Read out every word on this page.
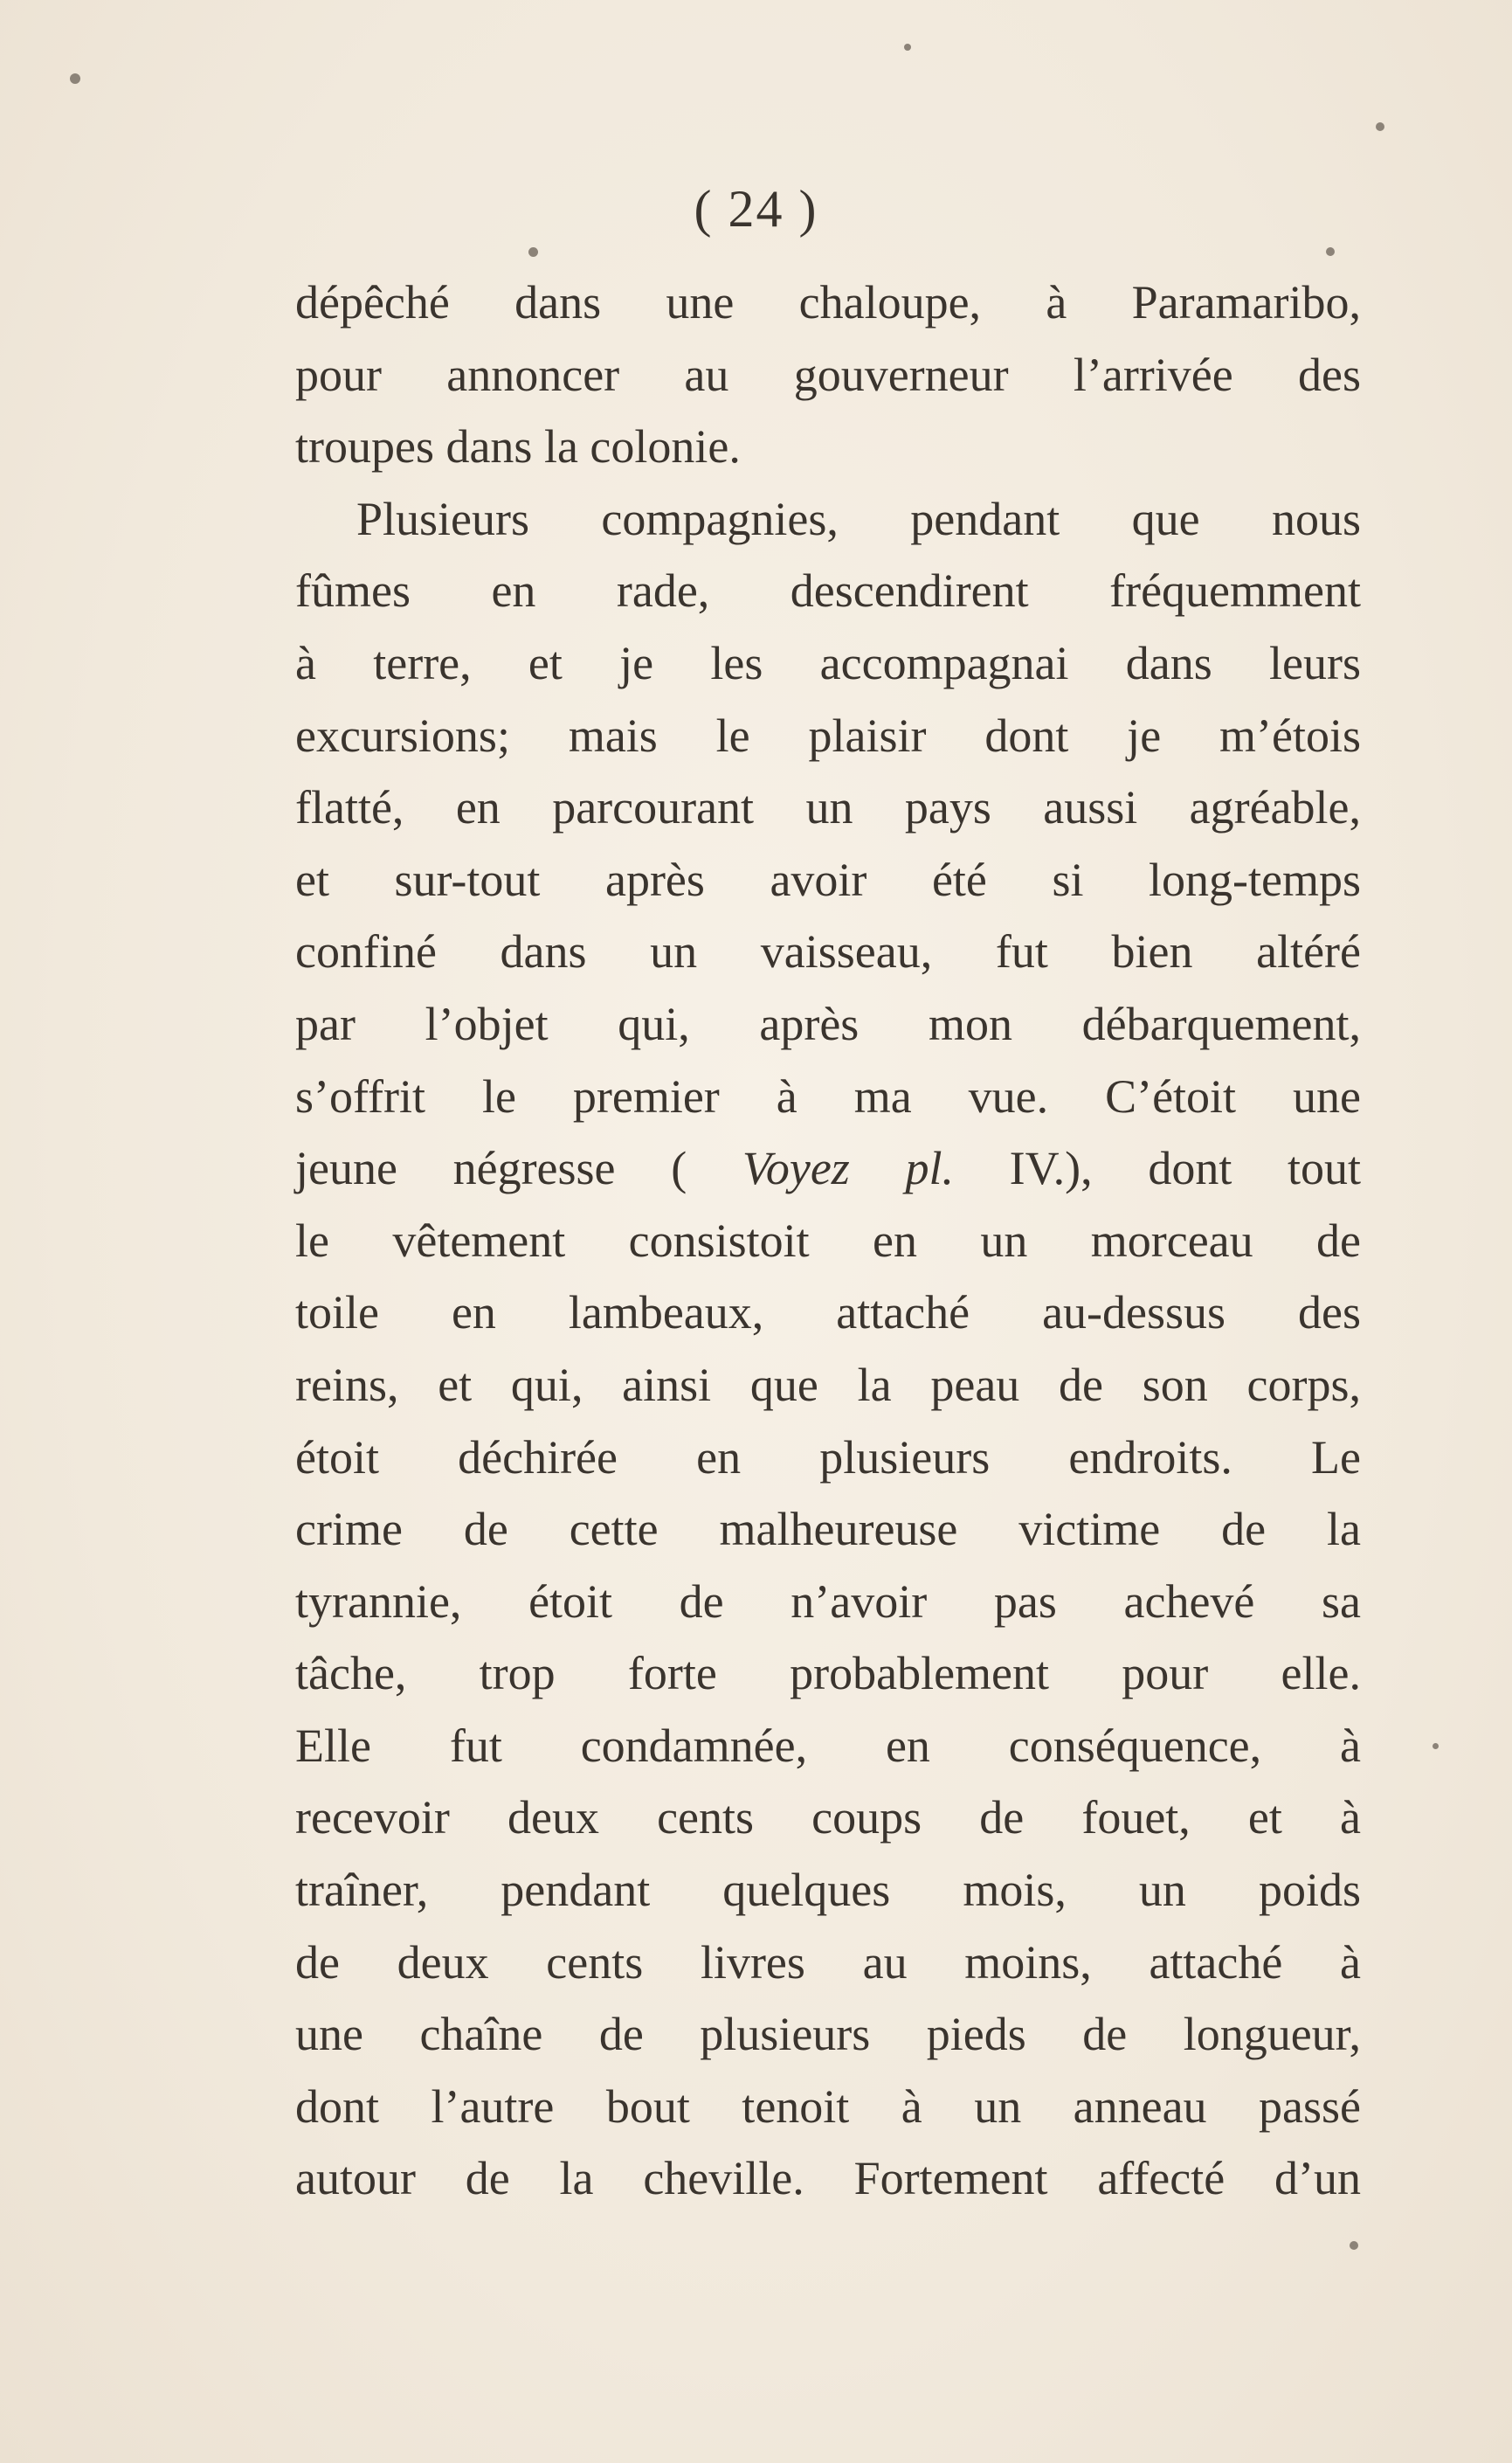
( 24 )
dépêché dans une chaloupe, à Paramaribo,
pour annoncer au gouverneur l’arrivée des
troupes dans la colonie.
Plusieurs compagnies, pendant que nous
fûmes en rade, descendirent fréquemment
à terre, et je les accompagnai dans leurs
excursions; mais le plaisir dont je m’étois
flatté, en parcourant un pays aussi agréable,
et sur-tout après avoir été si long-temps
confiné dans un vaisseau, fut bien altéré
par l’objet qui, après mon débarquement,
s’offrit le premier à ma vue. C’étoit une
jeune négresse ( Voyez pl. IV.), dont tout
le vêtement consistoit en un morceau de
toile en lambeaux, attaché au-dessus des
reins, et qui, ainsi que la peau de son corps,
étoit déchirée en plusieurs endroits. Le
crime de cette malheureuse victime de la
tyrannie, étoit de n’avoir pas achevé sa
tâche, trop forte probablement pour elle.
Elle fut condamnée, en conséquence, à
recevoir deux cents coups de fouet, et à
traîner, pendant quelques mois, un poids
de deux cents livres au moins, attaché à
une chaîne de plusieurs pieds de longueur,
dont l’autre bout tenoit à un anneau passé
autour de la cheville. Fortement affecté d’un
